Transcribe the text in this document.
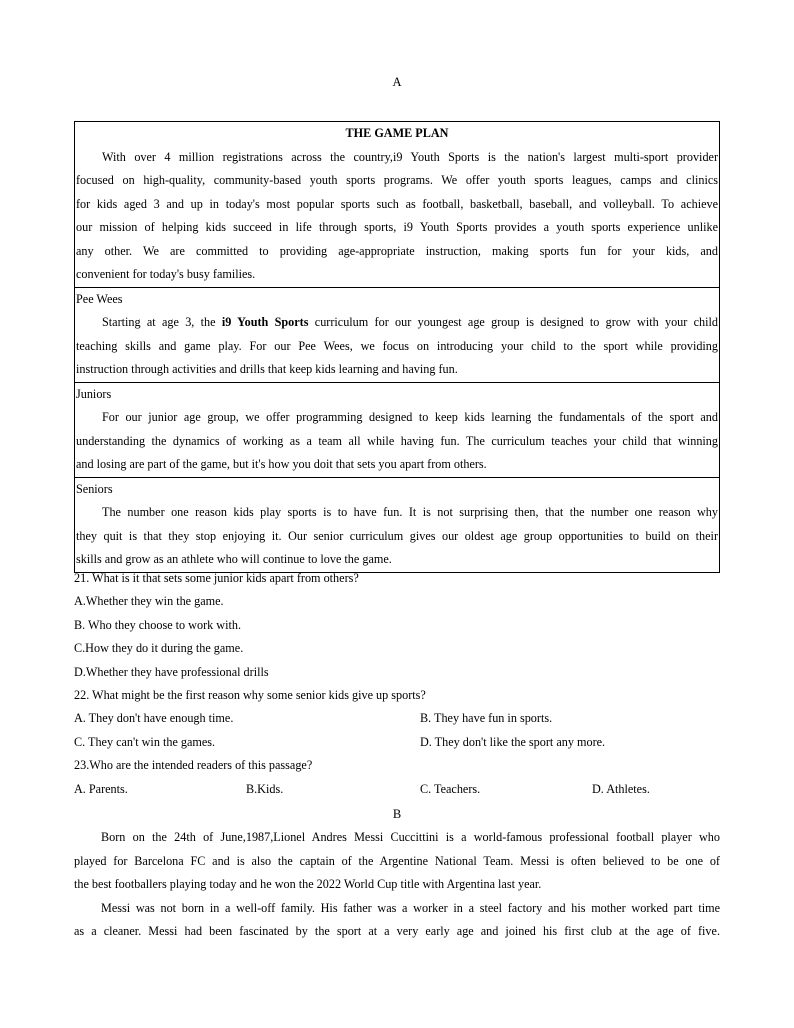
A
THE GAME PLAN
With over 4 million registrations across the country,i9 Youth Sports is the nation's largest multi-sport provider
focused on high-quality, community-based youth sports programs. We offer youth sports leagues, camps and clinics
for kids aged 3 and up in today's most popular sports such as football, basketball, baseball, and volleyball. To achieve
our mission of helping kids succeed in life through sports, i9 Youth Sports provides a youth sports experience unlike
any other. We are committed to providing age-appropriate instruction, making sports fun for your kids, and
convenient for today's busy families.
Pee Wees
Starting at age 3, the i9 Youth Sports curriculum for our youngest age group is designed to grow with your child
teaching skills and game play. For our Pee Wees, we focus on introducing your child to the sport while providing
instruction through activities and drills that keep kids learning and having fun.
Juniors
For our junior age group, we offer programming designed to keep kids learning the fundamentals of the sport and
understanding the dynamics of working as a team all while having fun. The curriculum teaches your child that winning
and losing are part of the game, but it's how you doit that sets you apart from others.
Seniors
The number one reason kids play sports is to have fun. It is not surprising then, that the number one reason why
they quit is that they stop enjoying it. Our senior curriculum gives our oldest age group opportunities to build on their
skills and grow as an athlete who will continue to love the game.
21. What is it that sets some junior kids apart from others?
A.Whether they win the game.
B. Who they choose to work with.
C.How they do it during the game.
D.Whether they have professional drills
22. What might be the first reason why some senior kids give up sports?
A. They don't have enough time.	B. They have fun in sports.
C. They can't win the games.	D. They don't like the sport any more.
23.Who are the intended readers of this passage?
A. Parents.	B.Kids.	C. Teachers.	D. Athletes.
B
Born on the 24th of June,1987,Lionel Andres Messi Cuccittini is a world-famous professional football player who
played for Barcelona FC and is also the captain of the Argentine National Team. Messi is often believed to be one of
the best footballers playing today and he won the 2022 World Cup title with Argentina last year.
Messi was not born in a well-off family. His father was a worker in a steel factory and his mother worked part time
as a cleaner. Messi had been fascinated by the sport at a very early age and joined his first club at the age of five.
